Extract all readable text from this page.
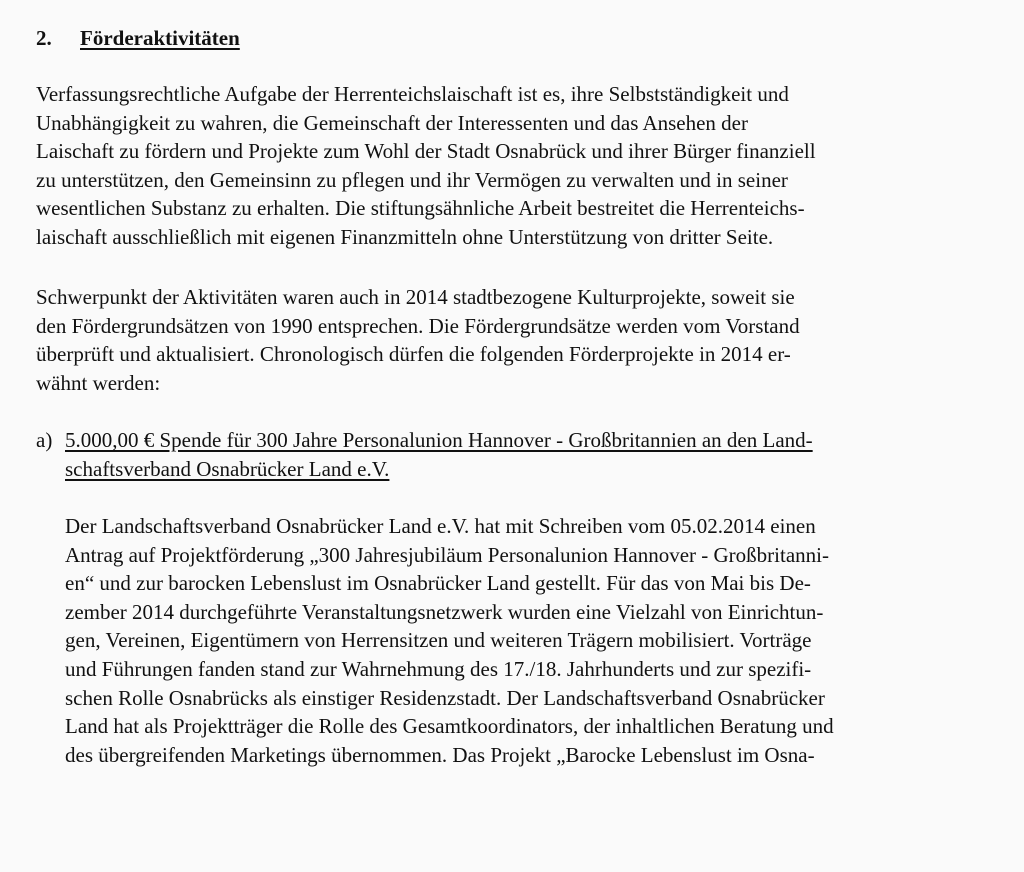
2. Förderaktivitäten
Verfassungsrechtliche Aufgabe der Herrenteichslaischaft ist es, ihre Selbstständigkeit und
Unabhängigkeit zu wahren, die Gemeinschaft der Interessenten und das Ansehen der
Laischaft zu fördern und Projekte zum Wohl der Stadt Osnabrück und ihrer Bürger finanziell
zu unterstützen, den Gemeinsinn zu pflegen und ihr Vermögen zu verwalten und in seiner
wesentlichen Substanz zu erhalten. Die stiftungsähnliche Arbeit bestreitet die Herrenteichs-
laischaft ausschließlich mit eigenen Finanzmitteln ohne Unterstützung von dritter Seite.
Schwerpunkt der Aktivitäten waren auch in 2014 stadtbezogene Kulturprojekte, soweit sie
den Fördergrundsätzen von 1990 entsprechen. Die Fördergrundsätze werden vom Vorstand
überprüft und aktualisiert. Chronologisch dürfen die folgenden Förderprojekte in 2014 er-
wähnt werden:
a) 5.000,00 € Spende für 300 Jahre Personalunion Hannover - Großbritannien an den Land-
schaftsverband Osnabrücker Land e.V.
Der Landschaftsverband Osnabrücker Land e.V. hat mit Schreiben vom 05.02.2014 einen
Antrag auf Projektförderung „300 Jahresjubiläum Personalunion Hannover - Großbritanni-
en“ und zur barocken Lebenslust im Osnabrücker Land gestellt. Für das von Mai bis De-
zember 2014 durchgeführte Veranstaltungsnetzwerk wurden eine Vielzahl von Einrichtun-
gen, Vereinen, Eigentümern von Herrensitzen und weiteren Trägern mobilisiert. Vorträge
und Führungen fanden stand zur Wahrnehmung des 17./18. Jahrhunderts und zur spezifi-
schen Rolle Osnabrücks als einstiger Residenzstadt. Der Landschaftsverband Osnabrücker
Land hat als Projektträger die Rolle des Gesamtkoordinators, der inhaltlichen Beratung und
des übergreifenden Marketings übernommen. Das Projekt „Barocke Lebenslust im Osna-
